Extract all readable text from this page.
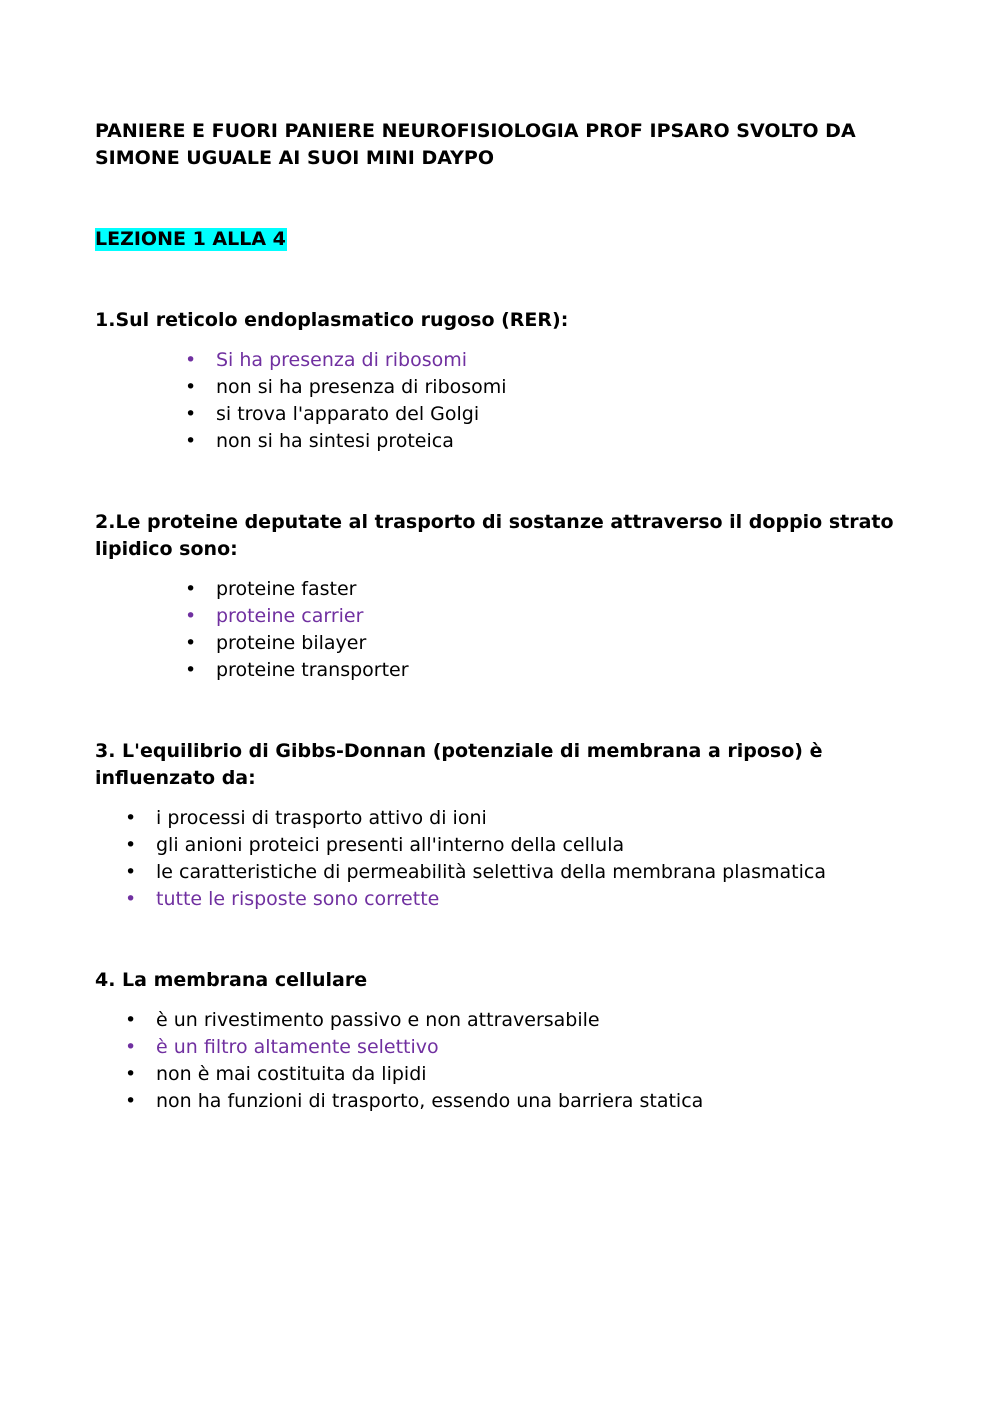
PANIERE E FUORI PANIERE NEUROFISIOLOGIA PROF IPSARO SVOLTO DA SIMONE UGUALE AI SUOI MINI DAYPO
LEZIONE 1 ALLA 4

1.Sul reticolo endoplasmatico rugoso (RER):

• Si ha presenza di ribosomi
• non si ha presenza di ribosomi
• si trova l'apparato del Golgi
• non si ha sintesi proteica

2.Le proteine deputate al trasporto di sostanze attraverso il doppio strato lipidico sono:

• proteine faster
• proteine carrier
• proteine bilayer
• proteine transporter

3. L'equilibrio di Gibbs-Donnan (potenziale di membrana a riposo) è influenzato da:

• i processi di trasporto attivo di ioni
• gli anioni proteici presenti all'interno della cellula
• le caratteristiche di permeabilità selettiva della membrana plasmatica
• tutte le risposte sono corrette

4. La membrana cellulare

• è un rivestimento passivo e non attraversabile
• è un filtro altamente selettivo
• non è mai costituita da lipidi
• non ha funzioni di trasporto, essendo una barriera statica
